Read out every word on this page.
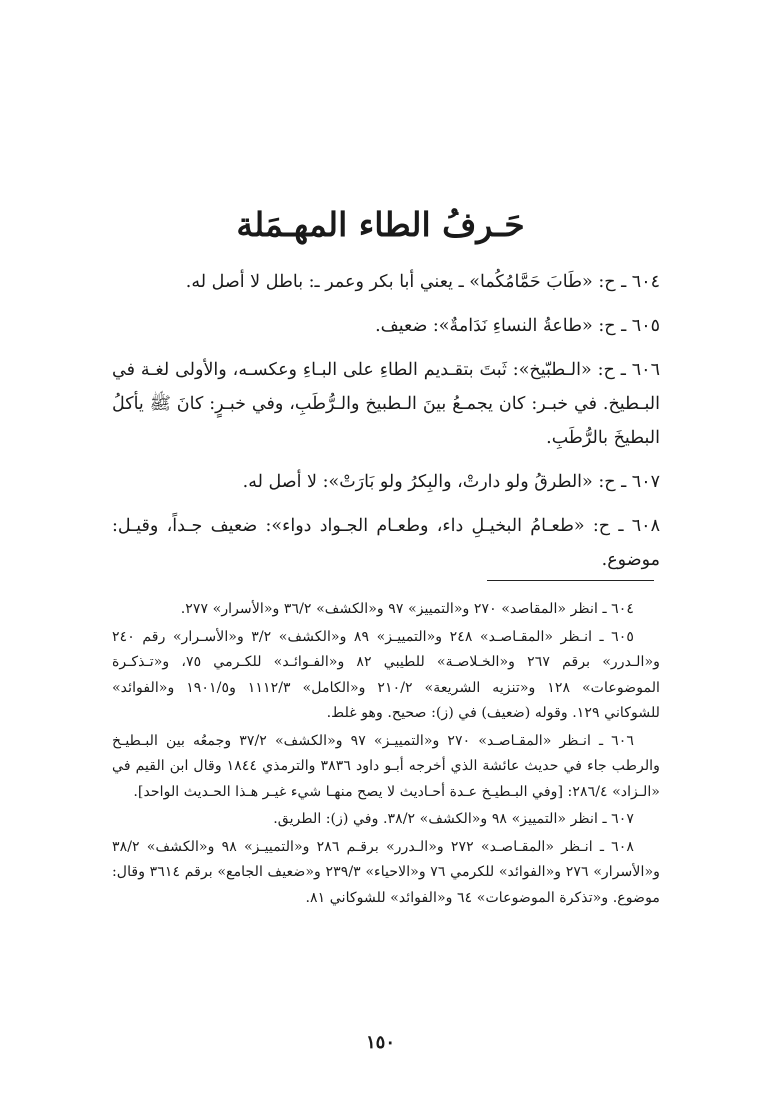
حَـرفُ الطاء المهـمَلة

٦٠٤ ـ ح: «طَابَ حَمَّامُكُما» ـ يعني أبا بكر وعمر ـ: باطل لا أصل له.

٦٠٥ ـ ح: «طاعةُ النساءِ نَدَامةٌ»: ضعيف.

٦٠٦ ـ ح: «الـطبّيخ»: ثَبتَ بتقـديم الطاءِ على البـاءِ وعكسـه، والأولى لغـة في البـطيخ. في خبـر: كان يجمـعُ بينَ الـطبيخ والـرُّطَبِ، وفي خبـرٍ: كانَ ﷺ يأكلُ البطيخَ بالرُّطَبِ.

٦٠٧ ـ ح: «الطرقُ ولو دارتْ، والبِكرُ ولو بَارَتْ»: لا أصل له.

٦٠٨ ـ ح: «طعـامُ البخيـلِ داء، وطعـام الجـواد دواء»: ضعيف جـداً، وقيـل: موضوع.

٦٠٤ ـ انظر «المقاصد» ٢٧٠ و«التمييز» ٩٧ و«الكشف» ٣٦/٢ و«الأسرار» ٢٧٧.

٦٠٥ ـ انـظر «المقـاصـد» ٢٤٨ و«التمييـز» ٨٩ و«الكشف» ٣/٢ و«الأسـرار» رقم ٢٤٠ و«الـدرر» برقم ٢٦٧ و«الخـلاصـة» للطيبي ٨٢ و«الفـوائـد» للكـرمي ٧٥، و«تـذكـرة الموضوعات» ١٢٨ و«تنزيه الشريعة» ٢١٠/٢ و«الكامل» ١١١٢/٣ و١٩٠١/٥ و«الفوائد» للشوكاني ١٢٩. وقوله (ضعيف) في (ز): صحيح. وهو غلط.

٦٠٦ ـ انـظر «المقـاصـد» ٢٧٠ و«التمييـز» ٩٧ و«الكشف» ٣٧/٢ وجمعُه بين البـطيـخ والرطب جاء في حديث عائشة الذي أخرجه أبـو داود ٣٨٣٦ والترمذي ١٨٤٤ وقال ابن القيم في «الـزاد» ٢٨٦/٤: [وفي البـطيـخ عـدة أحـاديث لا يصح منهـا شيء غيـر هـذا الحـديث الواحد].

٦٠٧ ـ انظر «التمييز» ٩٨ و«الكشف» ٣٨/٢. وفي (ز): الطريق.

٦٠٨ ـ انـظر «المقـاصـد» ٢٧٢ و«الـدرر» برقـم ٢٨٦ و«التمييـز» ٩٨ و«الكشف» ٣٨/٢ و«الأسرار» ٢٧٦ و«الفوائد» للكرمي ٧٦ و«الاحياء» ٢٣٩/٣ و«ضعيف الجامع» برقم ٣٦١٤ وقال: موضوع. و«تذكرة الموضوعات» ٦٤ و«الفوائد» للشوكاني ٨١.

١٥٠
